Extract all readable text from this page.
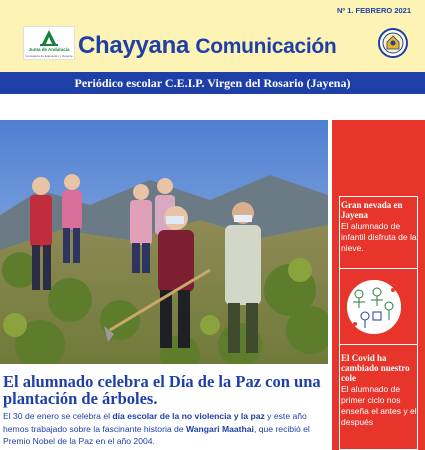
Periódico escolar C.E.I.P. Virgen del Rosario (Jayena)
Junta de Andalucía
Consejería de Educación y Deporte Chayyana Comunicación
Nº 1. FEBRERO 2021
Gran nevada en Jayena
El alumnado de infantil disfruta de la nieve.
El Covid ha cambiado nuestro cole
El alumnado de primer ciclo nos enseña el antes y el después
El alumnado celebra el Día de la Paz con una plantación de árboles.
El 30 de enero se celebra el día escolar de la no violencia y la paz y este año hemos trabajado sobre la fascinante historia de Wangari Maathai, que recibió el Premio Nobel de la Paz en el año 2004.
